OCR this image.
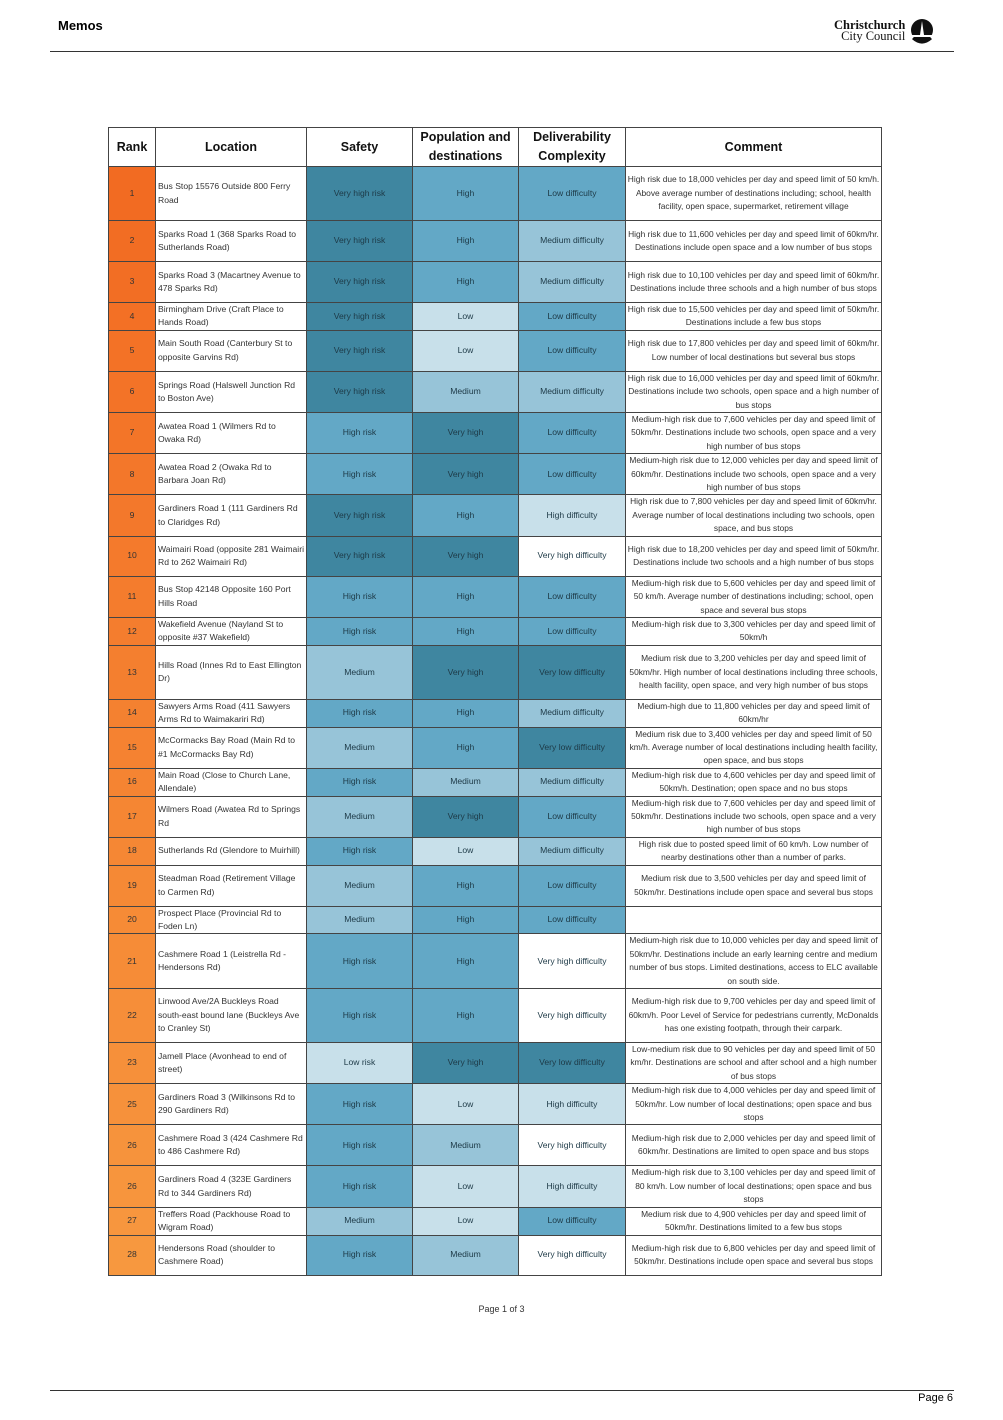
Memos	Christchurch
City Council
Rank	Location	Safety	Population and destinations	Deliverability Complexity	Comment
1	Bus Stop 15576 Outside 800 Ferry Road	Very high risk	High	Low difficulty	High risk due to 18,000 vehicles per day and speed limit of 50 km/h. Above average number of destinations including; school, health facility, open space, supermarket, retirement village
2	Sparks Road 1 (368 Sparks Road to Sutherlands Road)	Very high risk	High	Medium difficulty	High risk due to 11,600 vehicles per day and speed limit of 60km/hr. Destinations include open space and a low number of bus stops
3	Sparks Road 3 (Macartney Avenue to 478 Sparks Rd)	Very high risk	High	Medium difficulty	High risk due to 10,100 vehicles per day and speed limit of 60km/hr. Destinations include three schools and a high number of bus stops
4	Birmingham Drive (Craft Place to Hands Road)	Very high risk	Low	Low difficulty	High risk due to 15,500 vehicles per day and speed limit of 50km/hr. Destinations include a few bus stops
5	Main South Road (Canterbury St to opposite Garvins Rd)	Very high risk	Low	Low difficulty	High risk due to 17,800 vehicles per day and speed limit of 60km/hr. Low number of local destinations but several bus stops
6	Springs Road (Halswell Junction Rd to Boston Ave)	Very high risk	Medium	Medium difficulty	High risk due to 16,000 vehicles per day and speed limit of 60km/hr. Destinations include two schools, open space and a high number of bus stops
7	Awatea Road 1 (Wilmers Rd to Owaka Rd)	High risk	Very high	Low difficulty	Medium-high risk due to 7,600 vehicles per day and speed limit of 50km/hr. Destinations include two schools, open space and a very high number of bus stops
8	Awatea Road 2 (Owaka Rd to Barbara Joan Rd)	High risk	Very high	Low difficulty	Medium-high risk due to 12,000 vehicles per day and speed limit of 60km/hr. Destinations include two schools, open space and a very high number of bus stops
9	Gardiners Road 1 (111 Gardiners Rd to Claridges Rd)	Very high risk	High	High difficulty	High risk due to 7,800 vehicles per day and speed limit of 60km/hr. Average number of local destinations including two schools, open space, and bus stops
10	Waimairi Road (opposite 281 Waimairi Rd to 262 Waimairi Rd)	Very high risk	Very high	Very high difficulty	High risk due to 18,200 vehicles per day and speed limit of 50km/hr. Destinations include two schools and a high number of bus stops
11	Bus Stop 42148 Opposite 160 Port Hills Road	High risk	High	Low difficulty	Medium-high risk due to 5,600 vehicles per day and speed limit of 50 km/h. Average number of destinations including; school, open space and several bus stops
12	Wakefield Avenue (Nayland St to opposite #37 Wakefield)	High risk	High	Low difficulty	Medium-high risk due to 3,300 vehicles per day and speed limit of 50km/h
13	Hills Road (Innes Rd to East Ellington Dr)	Medium	Very high	Very low difficulty	Medium risk due to 3,200 vehicles per day and speed limit of 50km/hr. High number of local destinations including three schools, health facility, open space, and very high number of bus stops
14	Sawyers Arms Road (411 Sawyers Arms Rd to Waimakariri Rd)	High risk	High	Medium difficulty	Medium-high due to 11,800 vehicles per day and speed limit of 60km/hr
15	McCormacks Bay Road (Main Rd to #1 McCormacks Bay Rd)	Medium	High	Very low difficulty	Medium risk due to 3,400 vehicles per day and speed limit of 50 km/h. Average number of local destinations including health facility, open space, and bus stops
16	Main Road (Close to Church Lane, Allendale)	High risk	Medium	Medium difficulty	Medium-high risk due to 4,600 vehicles per day and speed limit of 50km/h. Destination; open space and no bus stops
17	Wilmers Road (Awatea Rd to Springs Rd	Medium	Very high	Low difficulty	Medium-high risk due to 7,600 vehicles per day and speed limit of 50km/hr. Destinations include two schools, open space and a very high number of bus stops
18	Sutherlands Rd (Glendore to Muirhill)	High risk	Low	Medium difficulty	High risk due to posted speed limit of 60 km/h. Low number of nearby destinations other than a number of parks.
19	Steadman Road (Retirement Village to Carmen Rd)	Medium	High	Low difficulty	Medium risk due to 3,500 vehicles per day and speed limit of 50km/hr. Destinations include open space and several bus stops
20	Prospect Place (Provincial Rd to Foden Ln)	Medium	High	Low difficulty	
21	Cashmere Road 1 (Leistrella Rd - Hendersons Rd)	High risk	High	Very high difficulty	Medium-high risk due to 10,000 vehicles per day and speed limit of 50km/hr. Destinations include an early learning centre and medium number of bus stops. Limited destinations, access to ELC available on south side.
22	Linwood Ave/2A Buckleys Road south-east bound lane (Buckleys Ave to Cranley St)	High risk	High	Very high difficulty	Medium-high risk due to 9,700 vehicles per day and speed limit of 60km/h. Poor Level of Service for pedestrians currently, McDonalds has one existing footpath, through their carpark.
23	Jamell Place (Avonhead to end of street)	Low risk	Very high	Very low difficulty	Low-medium risk due to 90 vehicles per day and speed limit of 50 km/hr. Destinations are school and after school and a high number of bus stops
25	Gardiners Road 3 (Wilkinsons Rd to 290 Gardiners Rd)	High risk	Low	High difficulty	Medium-high risk due to 4,000 vehicles per day and speed limit of 50km/hr. Low number of local destinations; open space and bus stops
26	Cashmere Road 3 (424 Cashmere Rd to 486 Cashmere Rd)	High risk	Medium	Very high difficulty	Medium-high risk due to 2,000 vehicles per day and speed limit of 60km/hr. Destinations are limited to open space and bus stops
26	Gardiners Road 4 (323E Gardiners Rd to 344 Gardiners Rd)	High risk	Low	High difficulty	Medium-high risk due to 3,100 vehicles per day and speed limit of 80 km/h. Low number of local destinations; open space and bus stops
27	Treffers Road (Packhouse Road to Wigram Road)	Medium	Low	Low difficulty	Medium risk due to 4,900 vehicles per day and speed limit of 50km/hr. Destinations limited to a few bus stops
28	Hendersons Road (shoulder to Cashmere Road)	High risk	Medium	Very high difficulty	Medium-high risk due to 6,800 vehicles per day and speed limit of 50km/hr. Destinations include open space and several bus stops
Page 1 of 3
Page 6
